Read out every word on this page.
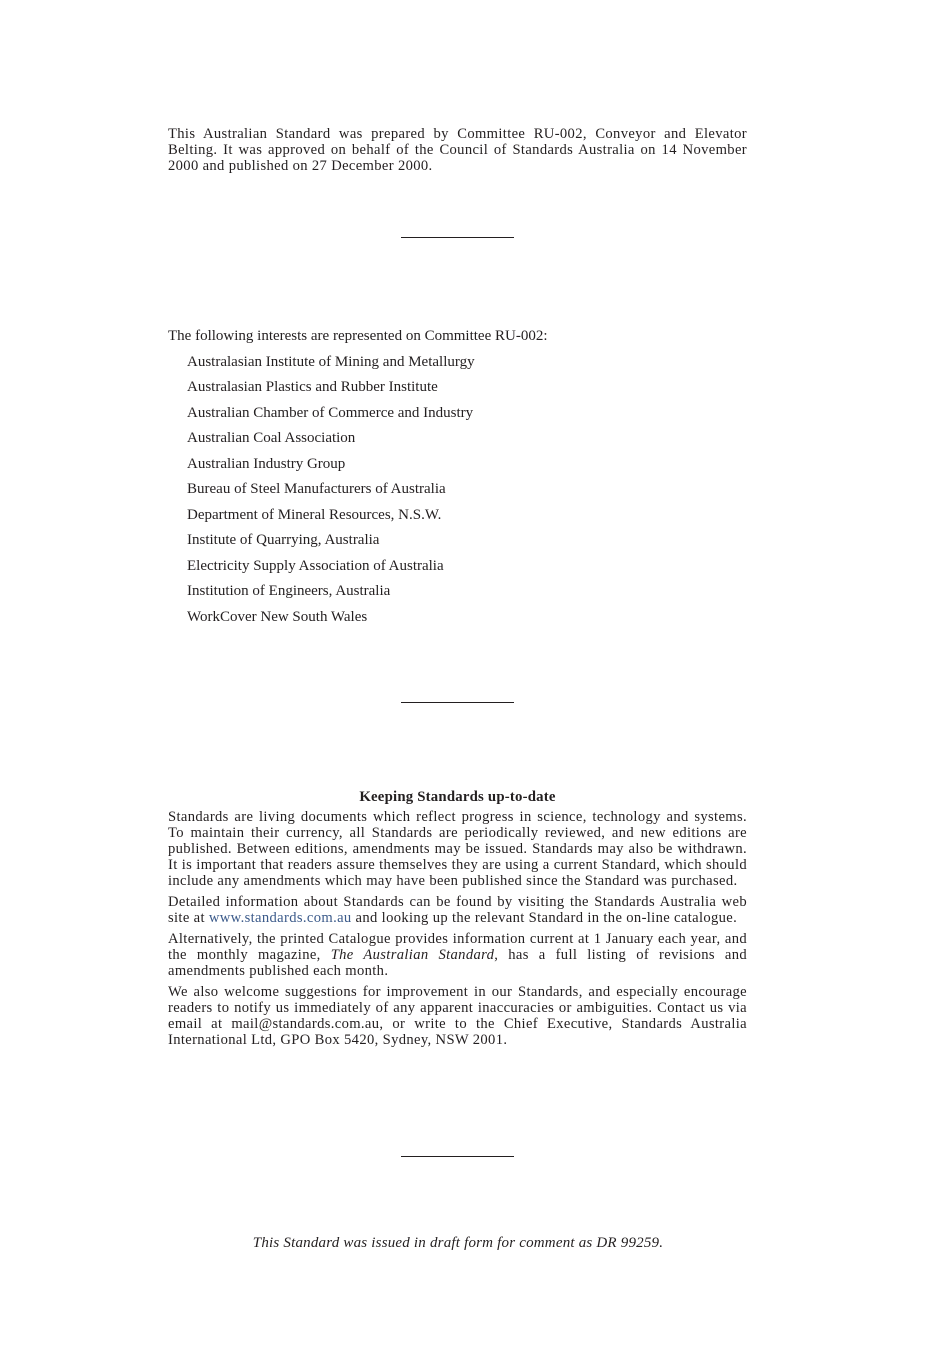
This Australian Standard was prepared by Committee RU-002, Conveyor and Elevator Belting. It was approved on behalf of the Council of Standards Australia on 14 November 2000 and published on 27 December 2000.

The following interests are represented on Committee RU-002:

Australasian Institute of Mining and Metallurgy
Australasian Plastics and Rubber Institute
Australian Chamber of Commerce and Industry
Australian Coal Association
Australian Industry Group
Bureau of Steel Manufacturers of Australia
Department of Mineral Resources, N.S.W.
Institute of Quarrying, Australia
Electricity Supply Association of Australia
Institution of Engineers, Australia
WorkCover New South Wales
Keeping Standards up-to-date

Standards are living documents which reflect progress in science, technology and systems. To maintain their currency, all Standards are periodically reviewed, and new editions are published. Between editions, amendments may be issued. Standards may also be withdrawn. It is important that readers assure themselves they are using a current Standard, which should include any amendments which may have been published since the Standard was purchased.

Detailed information about Standards can be found by visiting the Standards Australia web site at www.standards.com.au and looking up the relevant Standard in the on-line catalogue.

Alternatively, the printed Catalogue provides information current at 1 January each year, and the monthly magazine, The Australian Standard, has a full listing of revisions and amendments published each month.

We also welcome suggestions for improvement in our Standards, and especially encourage readers to notify us immediately of any apparent inaccuracies or ambiguities. Contact us via email at mail@standards.com.au, or write to the Chief Executive, Standards Australia International Ltd, GPO Box 5420, Sydney, NSW 2001.

This Standard was issued in draft form for comment as DR 99259.
